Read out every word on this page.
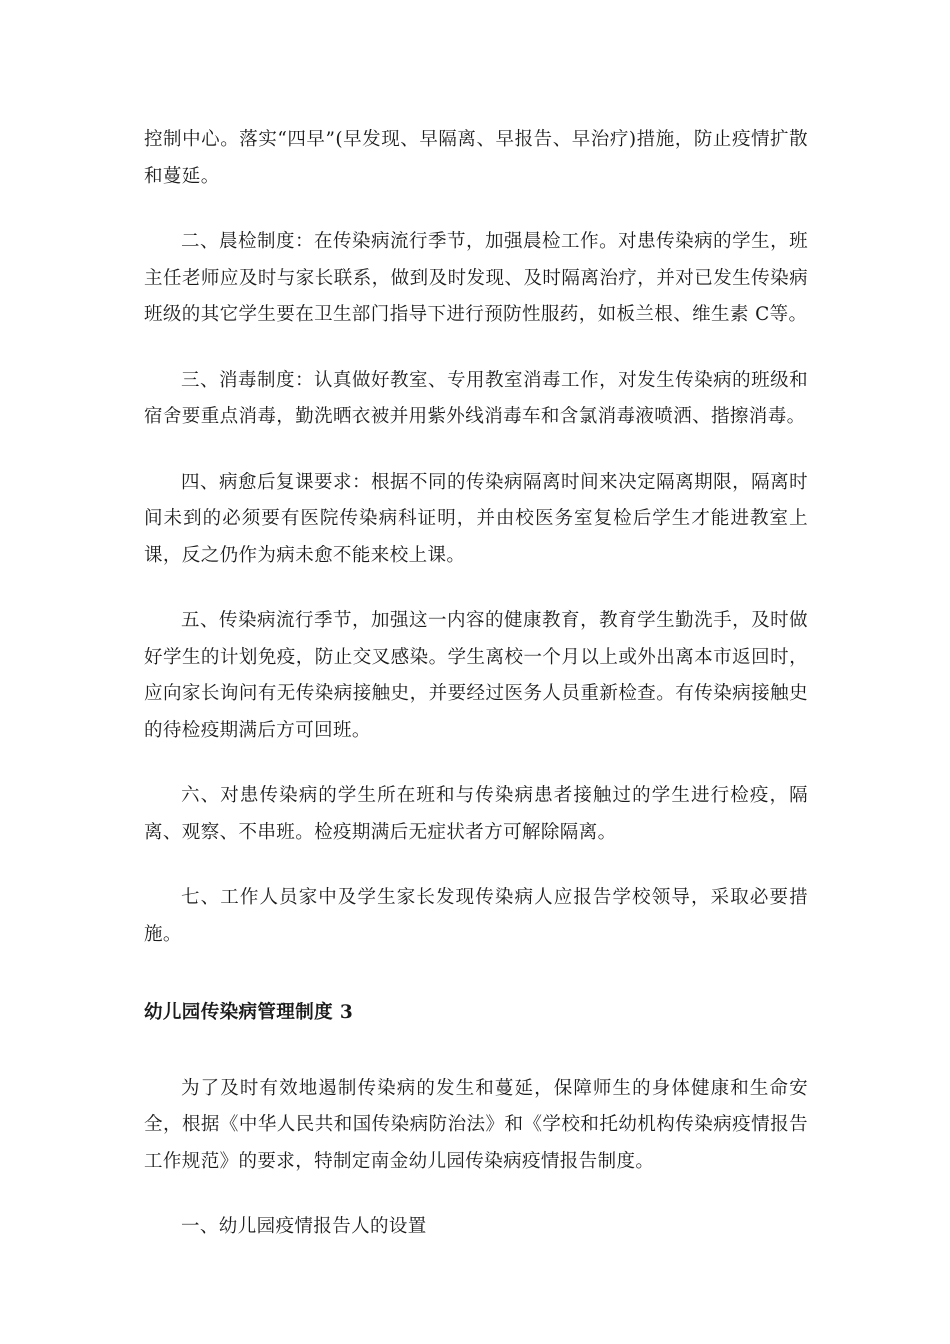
控制中心。落实“四早”(早发现、早隔离、早报告、早治疗)措施，防止疫情扩散和蔓延。

二、晨检制度：在传染病流行季节，加强晨检工作。对患传染病的学生，班主任老师应及时与家长联系，做到及时发现、及时隔离治疗，并对已发生传染病班级的其它学生要在卫生部门指导下进行预防性服药，如板兰根、维生素 C等。

三、消毒制度：认真做好教室、专用教室消毒工作，对发生传染病的班级和宿舍要重点消毒，勤洗晒衣被并用紫外线消毒车和含氯消毒液喷洒、揩擦消毒。

四、病愈后复课要求：根据不同的传染病隔离时间来决定隔离期限，隔离时间未到的必须要有医院传染病科证明，并由校医务室复检后学生才能进教室上课，反之仍作为病未愈不能来校上课。

五、传染病流行季节，加强这一内容的健康教育，教育学生勤洗手，及时做好学生的计划免疫，防止交叉感染。学生离校一个月以上或外出离本市返回时，应向家长询问有无传染病接触史，并要经过医务人员重新检查。有传染病接触史的待检疫期满后方可回班。

六、对患传染病的学生所在班和与传染病患者接触过的学生进行检疫，隔离、观察、不串班。检疫期满后无症状者方可解除隔离。

七、工作人员家中及学生家长发现传染病人应报告学校领导，采取必要措施。

幼儿园传染病管理制度 3

为了及时有效地遏制传染病的发生和蔓延，保障师生的身体健康和生命安全，根据《中华人民共和国传染病防治法》和《学校和托幼机构传染病疫情报告工作规范》的要求，特制定南金幼儿园传染病疫情报告制度。

一、幼儿园疫情报告人的设置
